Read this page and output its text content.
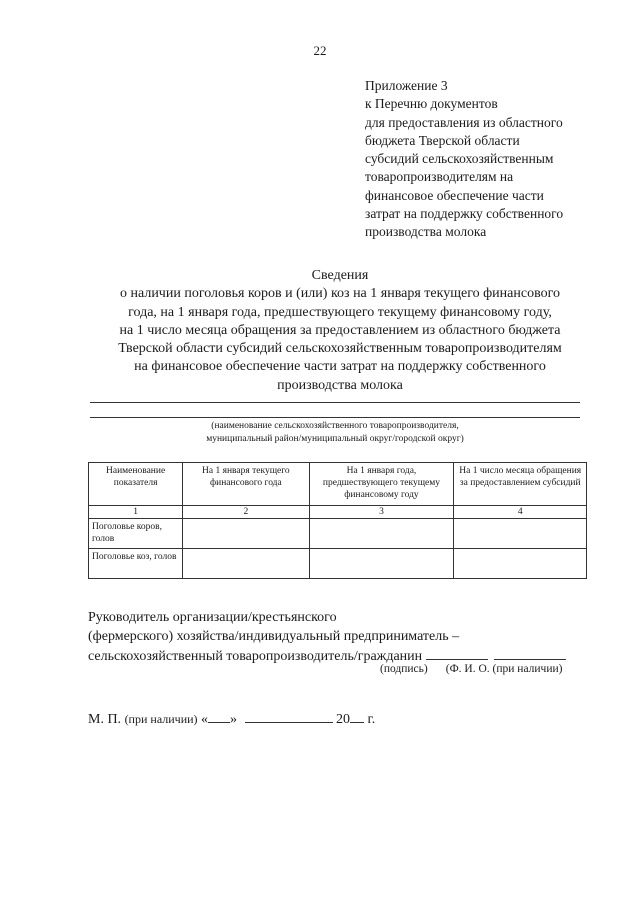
22
Приложение 3
к Перечню документов
для предоставления из областного
бюджета Тверской области
субсидий сельскохозяйственным
товаропроизводителям на
финансовое обеспечение части
затрат на поддержку собственного
производства молока
Сведения
о наличии поголовья коров и (или) коз на 1 января текущего финансового
года, на 1 января года, предшествующего текущему финансовому году,
на 1 число месяца обращения за предоставлением из областного бюджета
Тверской области субсидий сельскохозяйственным товаропроизводителям
на финансовое обеспечение части затрат на поддержку собственного
производства молока
(наименование сельскохозяйственного товаропроизводителя,
муниципальный район/муниципальный округ/городской округ)
Наименование показателя	На 1 января текущего финансового года	На 1 января года, предшествующего текущему финансовому году	На 1 число месяца обращения за предоставлением субсидий
1	2	3	4
Поголовье коров, голов			
Поголовье коз, голов			
Руководитель организации/крестьянского
(фермерского) хозяйства/индивидуальный предприниматель –
сельскохозяйственный товаропроизводитель/гражданин
(подпись) (Ф. И. О. (при наличии)
М. П. (при наличии) « »	20 г.
